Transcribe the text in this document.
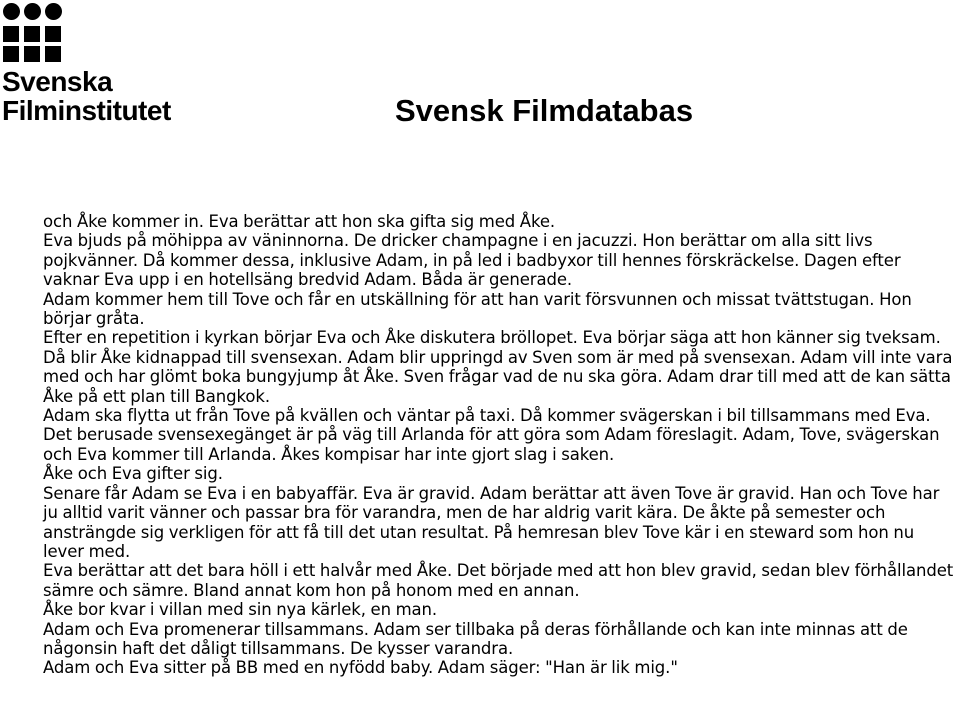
Svenska
Filminstitutet	Svensk Filmdatabas

och Åke kommer in. Eva berättar att hon ska gifta sig med Åke.

Eva bjuds på möhippa av väninnorna. De dricker champagne i en jacuzzi. Hon berättar om alla sitt livs pojkvänner. Då kommer dessa, inklusive Adam, in på led i badbyxor till hennes förskräckelse. Dagen efter vaknar Eva upp i en hotellsäng bredvid Adam. Båda är generade.

Adam kommer hem till Tove och får en utskällning för att han varit försvunnen och missat tvättstugan. Hon börjar gråta.

Efter en repetition i kyrkan börjar Eva och Åke diskutera bröllopet. Eva börjar säga att hon känner sig tveksam. Då blir Åke kidnappad till svensexan. Adam blir uppringd av Sven som är med på svensexan. Adam vill inte vara med och har glömt boka bungyjump åt Åke. Sven frågar vad de nu ska göra. Adam drar till med att de kan sätta Åke på ett plan till Bangkok.

Adam ska flytta ut från Tove på kvällen och väntar på taxi. Då kommer svägerskan i bil tillsammans med Eva. Det berusade svensexegänget är på väg till Arlanda för att göra som Adam föreslagit. Adam, Tove, svägerskan och Eva kommer till Arlanda. Åkes kompisar har inte gjort slag i saken.

Åke och Eva gifter sig.

Senare får Adam se Eva i en babyaffär. Eva är gravid. Adam berättar att även Tove är gravid. Han och Tove har ju alltid varit vänner och passar bra för varandra, men de har aldrig varit kära. De åkte på semester och ansträngde sig verkligen för att få till det utan resultat. På hemresan blev Tove kär i en steward som hon nu lever med.

Eva berättar att det bara höll i ett halvår med Åke. Det började med att hon blev gravid, sedan blev förhållandet sämre och sämre. Bland annat kom hon på honom med en annan.

Åke bor kvar i villan med sin nya kärlek, en man.

Adam och Eva promenerar tillsammans. Adam ser tillbaka på deras förhållande och kan inte minnas att de någonsin haft det dåligt tillsammans. De kysser varandra.

Adam och Eva sitter på BB med en nyfödd baby. Adam säger: "Han är lik mig."
